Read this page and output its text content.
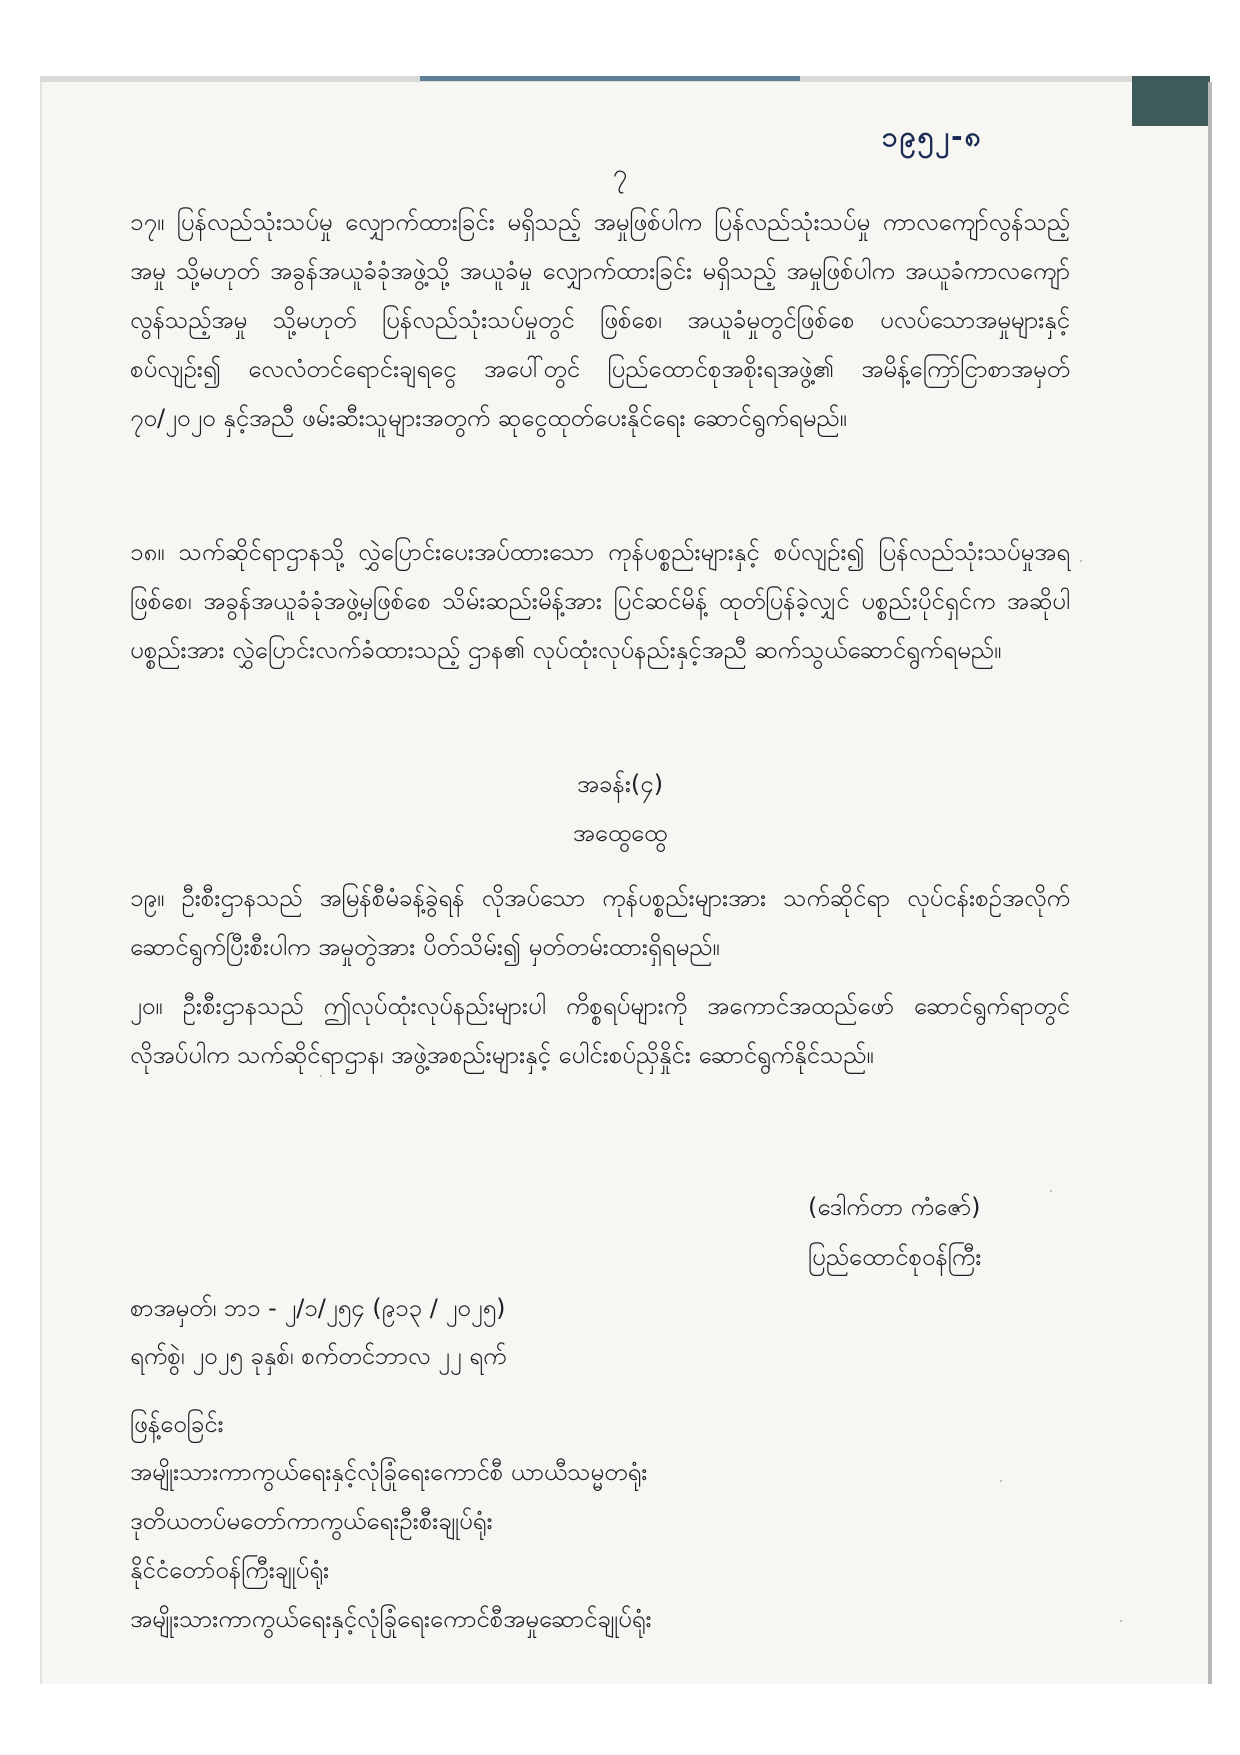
၁၉၅၂-၈
၇

၁၇။ ပြန်လည်သုံးသပ်မှု လျှောက်ထားခြင်း မရှိသည့် အမှုဖြစ်ပါက ပြန်လည်သုံးသပ်မှု ကာလကျော်လွန်သည့်အမှု သို့မဟုတ် အခွန်အယူခံခုံအဖွဲ့သို့ အယူခံမှု လျှောက်ထားခြင်း မရှိသည့် အမှုဖြစ်ပါက အယူခံကာလကျော်လွန်သည့်အမှု သို့မဟုတ် ပြန်လည်သုံးသပ်မှုတွင် ဖြစ်စေ၊ အယူခံမှုတွင်ဖြစ်စေ ပလပ်သောအမှုများနှင့် စပ်လျဉ်း၍ လေလံတင်ရောင်းချရငွေ အပေါ်တွင် ပြည်ထောင်စုအစိုးရအဖွဲ့၏ အမိန့်ကြော်ငြာစာအမှတ် ၇၀/၂၀၂၀ နှင့်အညီ ဖမ်းဆီးသူများအတွက် ဆုငွေထုတ်ပေးနိုင်ရေး ဆောင်ရွက်ရမည်။

၁၈။ သက်ဆိုင်ရာဌာနသို့ လွှဲပြောင်းပေးအပ်ထားသော ကုန်ပစ္စည်းများနှင့် စပ်လျဉ်း၍ ပြန်လည်သုံးသပ်မှုအရ ဖြစ်စေ၊ အခွန်အယူခံခုံအဖွဲ့မှဖြစ်စေ သိမ်းဆည်းမိန့်အား ပြင်ဆင်မိန့် ထုတ်ပြန်ခဲ့လျှင် ပစ္စည်းပိုင်ရှင်က အဆိုပါပစ္စည်းအား လွှဲပြောင်းလက်ခံထားသည့် ဌာန၏ လုပ်ထုံးလုပ်နည်းနှင့်အညီ ဆက်သွယ်ဆောင်ရွက်ရမည်။

အခန်း(၄)
အထွေထွေ

၁၉။ ဦးစီးဌာနသည် အမြန်စီမံခန့်ခွဲရန် လိုအပ်သော ကုန်ပစ္စည်းများအား သက်ဆိုင်ရာ လုပ်ငန်းစဉ်အလိုက် ဆောင်ရွက်ပြီးစီးပါက အမှုတွဲအား ပိတ်သိမ်း၍ မှတ်တမ်းထားရှိရမည်။

၂၀။ ဦးစီးဌာနသည် ဤလုပ်ထုံးလုပ်နည်းများပါ ကိစ္စရပ်များကို အကောင်အထည်ဖော် ဆောင်ရွက်ရာတွင် လိုအပ်ပါက သက်ဆိုင်ရာဌာန၊ အဖွဲ့အစည်းများနှင့် ပေါင်းစပ်ညှိနှိုင်း ဆောင်ရွက်နိုင်သည်။

(ဒေါက်တာ ကံဇော်)
ပြည်ထောင်စုဝန်ကြီး
စာအမှတ်၊ ဘ၁ - ၂/၁/၂၅၄ (၉၁၃ / ၂၀၂၅)
ရက်စွဲ၊ ၂၀၂၅ ခုနှစ်၊ စက်တင်ဘာလ ၂၂ ရက်
ဖြန့်ဝေခြင်း
အမျိုးသားကာကွယ်ရေးနှင့်လုံခြုံရေးကောင်စီ ယာယီသမ္မတရုံး
ဒုတိယတပ်မတော်ကာကွယ်ရေးဦးစီးချုပ်ရုံး
နိုင်ငံတော်ဝန်ကြီးချုပ်ရုံး
အမျိုးသားကာကွယ်ရေးနှင့်လုံခြုံရေးကောင်စီအမှုဆောင်ချုပ်ရုံး
